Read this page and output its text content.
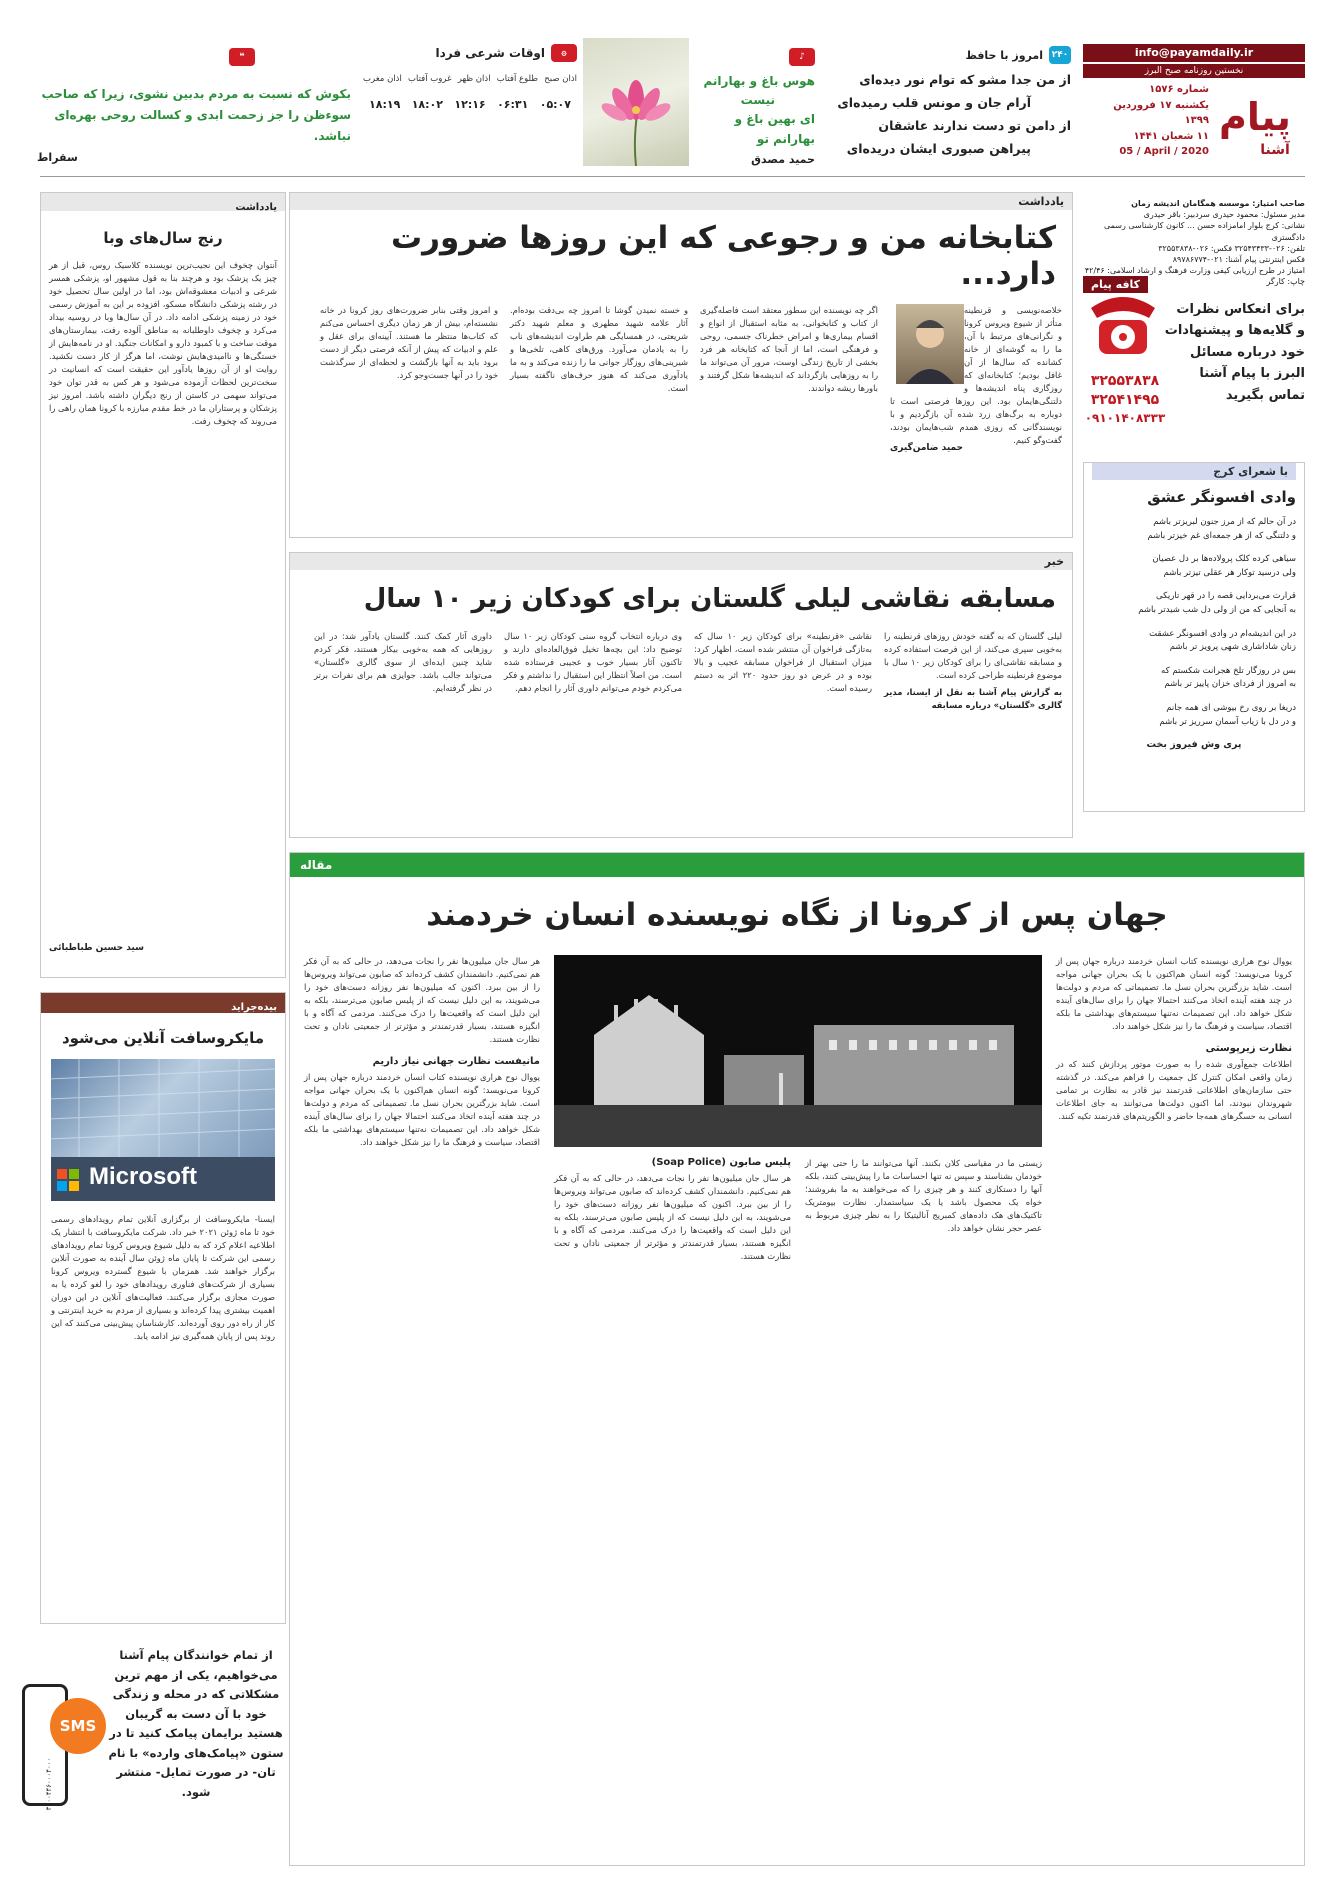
info@payamdaily.ir
نخستین روزنامه صبح البرز
پیام
آشنا
شماره ۱۵۷۶
یکشنبه ۱۷ فروردین ۱۳۹۹
۱۱ شعبان ۱۴۴۱
05 / April / 2020
۲۴۰
امروز با حافظ
از من جدا مشو که توام نور دیده‌ای
آرام جان و مونس قلب رمیده‌ای
از دامن تو دست ندارند عاشقان
پیراهن صبوری ایشان دریده‌ای
♪
هوس باغ و بهارانم
نیست
ای بهین باغ و بهارانم تو
حمید مصدق
۞
اوقات شرعی فردا
اذان صبح
طلوع آفتاب
اذان ظهر
غروب آفتاب
اذان مغرب
۰۵:۰۷
۰۶:۳۱
۱۲:۱۶
۱۸:۰۲
۱۸:۱۹
❝
بکوش که نسبت به مردم بدبین نشوی، زیرا که صاحب سوءظن را جز زحمت ابدی و کسالت روحی بهره‌ای نباشد.
سقراط
صاحب امتیاز: موسسه همگامان اندیشه زمان
مدیر مسئول: محمود حیدری سردبیر: باقر حیدری
نشانی: کرج بلوار امامزاده حسن ... کانون کارشناسی رسمی دادگستری
تلفن: ۰۲۶-۳۲۵۴۳۴۳۳ فکس: ۰۲۶-۳۲۵۵۳۸۳۸
فکس اینترنتی پیام آشنا: ۰۲۱-۸۹۷۸۶۷۷۴
امتیاز در طرح ارزیابی کیفی وزارت فرهنگ و ارشاد اسلامی: ۴۲/۴۶
چاپ: کارگر
کافه پیام
برای انعکاس نظرات
و گلایه‌ها و پیشنهادات
خود درباره مسائل
البرز با پیام آشنا
تماس بگیرید
۳۲۵۵۳۸۳۸
۳۲۵۴۱۴۹۵
۰۹۱۰۱۴۰۸۳۳۳
با شعرای کرج
وادی افسونگر عشق
در آن حالم که از مرز جنون لبریزتر باشم
و دلتنگی که از هر جمعه‌ای غم خیزتر باشم
سیاهی کرده کلک پرولاده‌ها بر دل عصیان
ولی درسید توکار هر عقلی تیزتر باشم
قرارت می‌بردایی قصه را در قهر تاریکی
به آنجایی که من از ولی دل شب شیدتر باشم
در این اندیشه‌ام در وادی افسونگر عشقت
زنان شاداشاری شهی پرویز تر باشم
بس در روزگار تلخ هجرانت شکستم که
به امروز از فردای خزان پاییز تر باشم
دریغا بر روی رخ بیوشی ای همه جانم
و در دل با زیاب آسمان سرریز تر باشم
پری وش فیروز بخت
یادداشت
کتابخانه من و رجوعی که این روزها ضرورت دارد...
خلاصه‌نویسی و قرنطینه متأثر از شیوع ویروس کرونا و نگرانی‌های مرتبط با آن، ما را به گوشه‌ای از خانه کشانده که سال‌ها از آن غافل بودیم؛ کتابخانه‌ای که روزگاری پناه اندیشه‌ها و دلتنگی‌هایمان بود. این روزها فرصتی است تا دوباره به برگ‌های زرد شده آن بازگردیم و با نویسندگانی که روزی همدم شب‌هایمان بودند، گفت‌وگو کنیم.
حمید ضامن‌گیری
اگر چه نویسنده این سطور معتقد است فاصله‌گیری از کتاب و کتابخوانی، به مثابه استقبال از انواع و اقسام بیماری‌ها و امراض خطرناک جسمی، روحی و فرهنگی است، اما از آنجا که کتابخانه هر فرد بخشی از تاریخ زندگی اوست، مرور آن می‌تواند ما را به روزهایی بازگرداند که اندیشه‌ها شکل گرفتند و باورها ریشه دواندند.
و خسته نمیدن گوشا تا امروز چه بی‌دقت بوده‌ام. آثار علامه شهید مطهری و معلم شهید دکتر شریعتی، در همسایگی هم طراوت اندیشه‌های ناب را به یادمان می‌آورد. ورق‌های کاهی، تلخی‌ها و شیرینی‌های روزگار جوانی ما را زنده می‌کند و به ما یادآوری می‌کند که هنوز حرف‌های ناگفته بسیار است.
و امروز وقتی بنابر ضرورت‌های روز کرونا در خانه نشسته‌ام، بیش از هر زمان دیگری احساس می‌کنم که کتاب‌ها منتظر ما هستند. آیینه‌ای برای عقل و علم و ادبیات که پیش از آنکه فرصتی دیگر از دست برود باید به آنها بازگشت و لحظه‌ای از سرگذشت خود را در آنها جست‌وجو کرد.
خبر
مسابقه نقاشی لیلی گلستان برای کودکان زیر ۱۰ سال
لیلی گلستان که به گفته خودش روزهای قرنطینه را به‌خوبی سپری می‌کند، از این فرصت استفاده کرده و مسابقه نقاشی‌ای را برای کودکان زیر ۱۰ سال با موضوع قرنطینه طراحی کرده است.
به گزارش پیام آشنا به نقل از ایسنا، مدیر گالری «گلستان» درباره مسابقه
نقاشی «قرنطینه» برای کودکان زیر ۱۰ سال که به‌تازگی فراخوان آن منتشر شده است، اظهار کرد: میزان استقبال از فراخوان مسابقه عجیب و بالا بوده و در عرض دو روز حدود ۲۲۰ اثر به دستم رسیده است.
وی درباره انتخاب گروه سنی کودکان زیر ۱۰ سال توضیح داد: این بچه‌ها تخیل فوق‌العاده‌ای دارند و تاکنون آثار بسیار خوب و عجیبی فرستاده شده است. من اصلاً انتظار این استقبال را نداشتم و فکر می‌کردم خودم می‌توانم داوری آثار را انجام دهم.
داوری آثار کمک کنند. گلستان یادآور شد: در این روزهایی که همه به‌خوبی بیکار هستند، فکر کردم شاید چنین ایده‌ای از سوی گالری «گلستان» می‌تواند جالب باشد. جوایزی هم برای نفرات برتر در نظر گرفته‌ایم.
مقاله
جهان پس از کرونا از نگاه نویسنده انسان خردمند
یووال نوح هراری نویسنده کتاب انسان خردمند درباره جهان پس از کرونا می‌نویسد: گونه انسان هم‌اکنون با یک بحران جهانی مواجه است. شاید بزرگترین بحران نسل ما. تصمیماتی که مردم و دولت‌ها در چند هفته آینده اتخاذ می‌کنند احتمالا جهان را برای سال‌های آینده شکل خواهد داد. این تصمیمات نه‌تنها سیستم‌های بهداشتی ما بلکه اقتصاد، سیاست و فرهنگ ما را نیز شکل خواهند داد.
نظارت زیرپوستی
اطلاعات جمع‌آوری شده را به صورت موتور پردازش کنند که در زمان واقعی امکان کنترل کل جمعیت را فراهم می‌کند. در گذشته حتی سازمان‌های اطلاعاتی قدرتمند نیز قادر به نظارت بر تمامی شهروندان نبودند، اما اکنون دولت‌ها می‌توانند به جای اطلاعات انسانی به حسگرهای همه‌جا حاضر و الگوریتم‌های قدرتمند تکیه کنند.
زیستی ما در مقیاسی کلان بکنند. آنها می‌توانند ما را حتی بهتر از خودمان بشناسند و سپس نه تنها احساسات ما را پیش‌بینی کنند، بلکه آنها را دستکاری کنند و هر چیزی را که می‌خواهند به ما بفروشند؛ خواه یک محصول باشد یا یک سیاستمدار. نظارت بیومتریک تاکتیک‌های هک داده‌های کمبریج آنالیتیکا را به نظر چیزی مربوط به عصر حجر نشان خواهد داد.
پلیس صابون (Soap Police)
هر سال جان میلیون‌ها نفر را نجات می‌دهد، در حالی که به آن فکر هم نمی‌کنیم. دانشمندان کشف کرده‌اند که صابون می‌تواند ویروس‌ها را از بین ببرد. اکنون که میلیون‌ها نفر روزانه دست‌های خود را می‌شویند، به این دلیل نیست که از پلیس صابون می‌ترسند، بلکه به این دلیل است که واقعیت‌ها را درک می‌کنند. مردمی که آگاه و با انگیزه هستند، بسیار قدرتمندتر و مؤثرتر از جمعیتی نادان و تحت نظارت هستند.
هر سال جان میلیون‌ها نفر را نجات می‌دهد، در حالی که به آن فکر هم نمی‌کنیم. دانشمندان کشف کرده‌اند که صابون می‌تواند ویروس‌ها را از بین ببرد. اکنون که میلیون‌ها نفر روزانه دست‌های خود را می‌شویند، به این دلیل نیست که از پلیس صابون می‌ترسند، بلکه به این دلیل است که واقعیت‌ها را درک می‌کنند. مردمی که آگاه و با انگیزه هستند، بسیار قدرتمندتر و مؤثرتر از جمعیتی نادان و تحت نظارت هستند.
مانیفست نظارت جهانی نیاز داریم
یووال نوح هراری نویسنده کتاب انسان خردمند درباره جهان پس از کرونا می‌نویسد: گونه انسان هم‌اکنون با یک بحران جهانی مواجه است. شاید بزرگترین بحران نسل ما. تصمیماتی که مردم و دولت‌ها در چند هفته آینده اتخاذ می‌کنند احتمالا جهان را برای سال‌های آینده شکل خواهد داد. این تصمیمات نه‌تنها سیستم‌های بهداشتی ما بلکه اقتصاد، سیاست و فرهنگ ما را نیز شکل خواهند داد.
یادداشت
رنج سال‌های وبا
آنتوان چخوف این نجیب‌ترین نویسنده کلاسیک روس، قبل از هر چیز یک پزشک بود و هرچند بنا به قول مشهور او، پزشکی همسر شرعی و ادبیات معشوقه‌اش بود، اما در اولین سال تحصیل خود در رشته پزشکی دانشگاه مسکو، افزوده بر این به آموزش رسمی خود در زمینه پزشکی ادامه داد. در آن سال‌ها وبا در روسیه بیداد می‌کرد و چخوف داوطلبانه به مناطق آلوده رفت، بیمارستان‌های موقت ساخت و با کمبود دارو و امکانات جنگید. او در نامه‌هایش از خستگی‌ها و ناامیدی‌هایش نوشت، اما هرگز از کار دست نکشید. روایت او از آن روزها یادآور این حقیقت است که انسانیت در سخت‌ترین لحظات آزموده می‌شود و هر کس به قدر توان خود می‌تواند سهمی در کاستن از رنج دیگران داشته باشد. امروز نیز پزشکان و پرستاران ما در خط مقدم مبارزه با کرونا همان راهی را می‌روند که چخوف رفت.
سید حسین طباطبائی
بیده‌جراید
مایکروسافت آنلاین می‌شود
Microsoft
ایسنا- مایکروسافت از برگزاری آنلاین تمام رویدادهای رسمی خود تا ماه ژوئن ۲۰۲۱ خبر داد. شرکت مایکروسافت با انتشار یک اطلاعیه اعلام کرد که به دلیل شیوع ویروس کرونا تمام رویدادهای رسمی این شرکت تا پایان ماه ژوئن سال آینده به صورت آنلاین برگزار خواهند شد. همزمان با شیوع گسترده ویروس کرونا بسیاری از شرکت‌های فناوری رویدادهای خود را لغو کرده یا به صورت مجازی برگزار می‌کنند. فعالیت‌های آنلاین در این دوران اهمیت بیشتری پیدا کرده‌اند و بسیاری از مردم به خرید اینترنتی و کار از راه دور روی آورده‌اند. کارشناسان پیش‌بینی می‌کنند که این روند پس از پایان همه‌گیری نیز ادامه یابد.
SMS
۳۰۰۰۴۴۶۰۰۰۴۰۰۰
از تمام خوانندگان پیام آشنا می‌خواهیم، یکی از مهم ترین مشکلاتی که در محله و زندگی خود با آن دست به گریبان هستید برایمان پیامک کنید تا در ستون «پیامک‌های وارده» با نام تان- در صورت تمایل- منتشر شود.
